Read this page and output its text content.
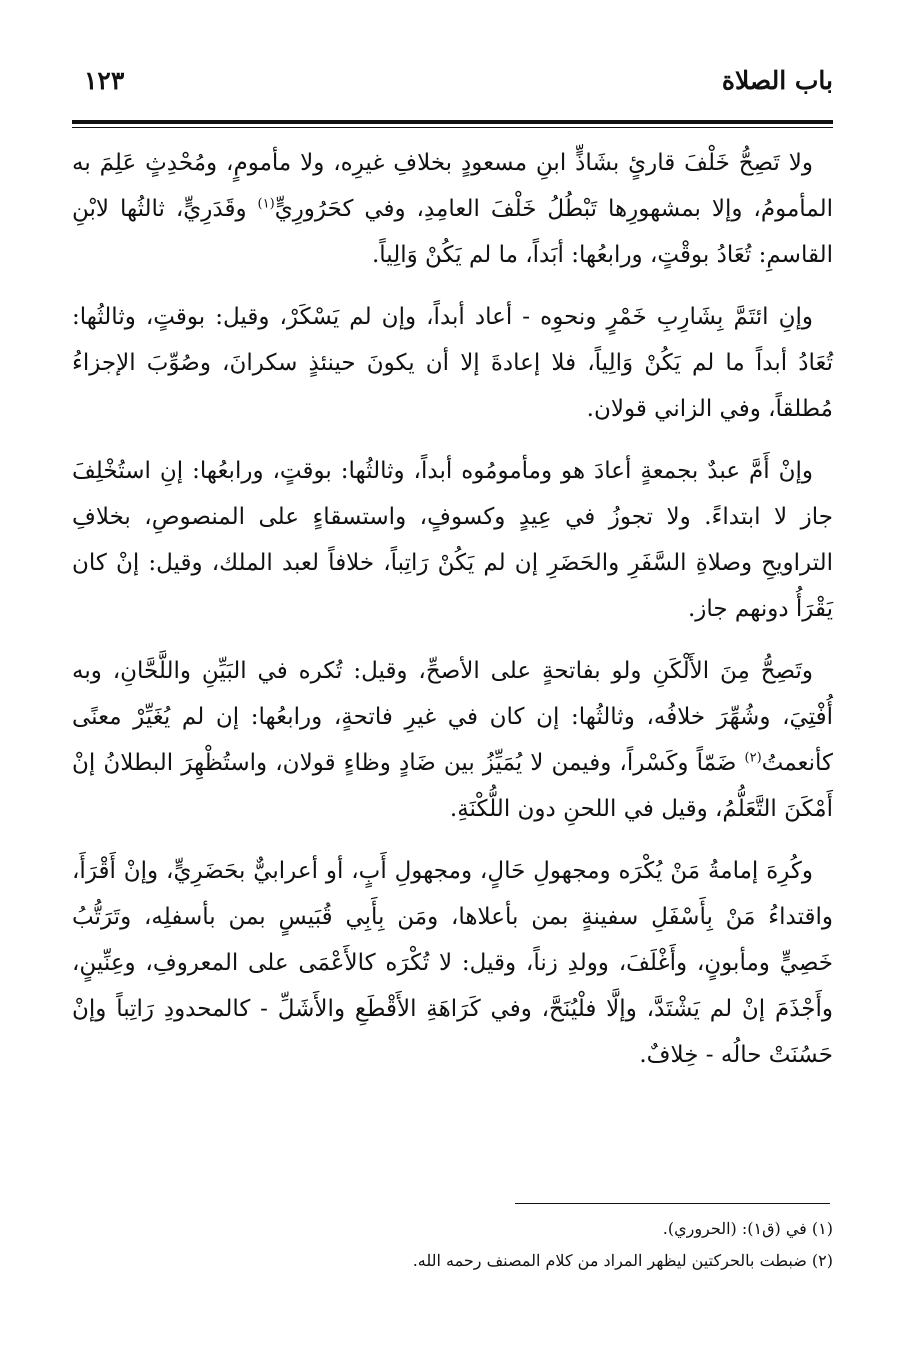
باب الصلاة
١٢٣

ولا تَصِحُّ خَلْفَ قارئٍ بشَاذٍّ ابنِ مسعودٍ بخلافِ غيرِه، ولا مأمومٍ، ومُحْدِثٍ عَلِمَ به المأمومُ، وإلا بمشهورِها تَبْطُلُ خَلْفَ العامِدِ، وفي كحَرُورِيٍّ$^{(١)}$ وقَدَرِيٍّ، ثالثُها لابْنِ القاسمِ: تُعَادُ بوقْتٍ، ورابعُها: أبَداً، ما لم يَكُنْ وَالِياً.

وإنِ ائتَمَّ بِشَارِبِ خَمْرٍ ونحوِه - أعاد أبداً، وإن لم يَسْكَرْ، وقيل: بوقتٍ، وثالثُها: تُعَادُ أبداً ما لم يَكُنْ وَالِياً، فلا إعادةَ إلا أن يكونَ حينئذٍ سكرانَ، وصُوِّبَ الإجزاءُ مُطلقاً، وفي الزاني قولان.

وإنْ أَمَّ عبدٌ بجمعةٍ أعادَ هو ومأمومُوه أبداً، وثالثُها: بوقتٍ، ورابعُها: إنِ استُخْلِفَ جاز لا ابتداءً. ولا تجوزُ في عِيدٍ وكسوفٍ، واستسقاءٍ على المنصوصِ، بخلافِ التراويحِ وصلاةِ السَّفَرِ والحَضَرِ إن لم يَكُنْ رَاتِباً، خلافاً لعبد الملك، وقيل: إنْ كان يَقْرَأُ دونهم جاز.

وتَصِحُّ مِنَ الأَلْكَنِ ولو بفاتحةٍ على الأصحِّ، وقيل: تُكره في البَيِّنِ واللَّحَّانِ، وبه أُفْتِيَ، وشُهِّرَ خلافُه، وثالثُها: إن كان في غيرِ فاتحةٍ، ورابعُها: إن لم يُغَيِّرْ معنًى كأنعمتُ$^{(٢)}$ ضَمّاً وكَسْراً، وفيمن لا يُمَيِّزُ بين ضَادٍ وظاءٍ قولان، واستُظْهِرَ البطلانُ إنْ أَمْكَنَ التَّعَلُّمُ، وقيل في اللحنِ دون اللُّكْنَةِ.

وكُرِهَ إمامةُ مَنْ يُكْرَه ومجهولِ حَالٍ، ومجهولِ أَبٍ، أو أعرابيٌّ بحَضَرِيٍّ، وإنْ أَقْرَأَ، واقتداءُ مَنْ بِأَسْفَلِ سفينةٍ بمن بأعلاها، ومَن بِأَبِي قُبَيسٍ بمن بأسفلِه، وتَرَتُّبُ خَصِيٍّ ومأبونٍ، وأَغْلَفَ، وولدِ زناً، وقيل: لا تُكْرَه كالأَعْمَى على المعروفِ، وعِنِّينٍ، وأَجْذَمَ إنْ لم يَشْتَدَّ، وإلَّا فلْيُنَحَّ، وفي كَرَاهَةِ الأَقْطَعِ والأَشَلِّ - كالمحدودِ رَاتِباً وإنْ حَسُنَتْ حالُه - خِلافٌ.

(١) في (ق١): (الحروري).

(٢) ضبطت بالحركتين ليظهر المراد من كلام المصنف رحمه الله.
